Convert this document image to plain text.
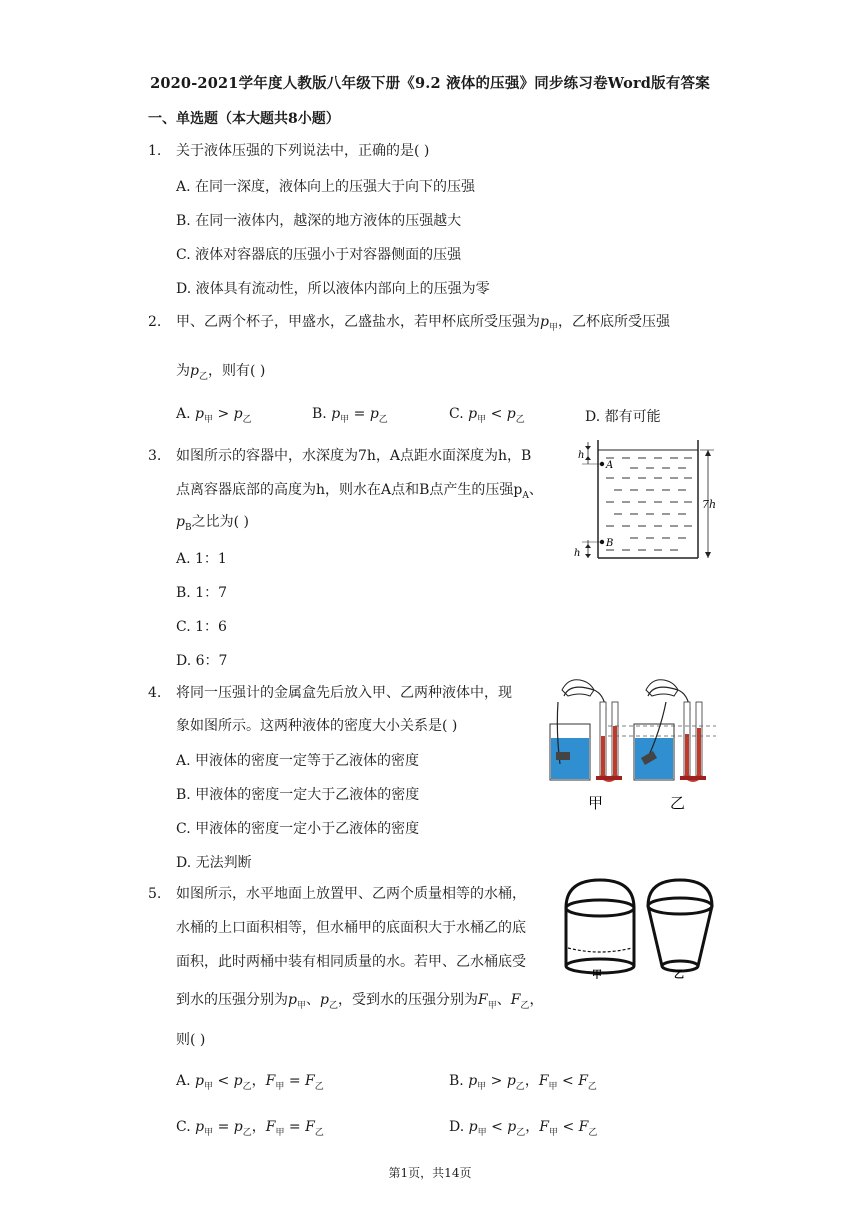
2020-2021学年度人教版八年级下册《9.2 液体的压强》同步练习卷Word版有答案
一、单选题（本大题共8小题）
1. 关于液体压强的下列说法中，正确的是( )
A. 在同一深度，液体向上的压强大于向下的压强
B. 在同一液体内，越深的地方液体的压强越大
C. 液体对容器底的压强小于对容器侧面的压强
D. 液体具有流动性，所以液体内部向上的压强为零
2. 甲、乙两个杯子，甲盛水，乙盛盐水，若甲杯底所受压强为$p_甲$，乙杯底所受压强
为$p_乙$，则有( )
A. $p_甲 > p_乙$	B. $p_甲 = p_乙$	C. $p_甲 < p_乙$	D. 都有可能
3. 如图所示的容器中，水深度为7h，A点距水面深度为h，B
点离容器底部的高度为h，则水在A点和B点产生的压强$p_A$、
$p_B$之比为( )
A. 1：1
B. 1：7
C. 1：6
D. 6：7
A
B
h
h
7h
4. 将同一压强计的金属盒先后放入甲、乙两种液体中，现
象如图所示。这两种液体的密度大小关系是( )
A. 甲液体的密度一定等于乙液体的密度
B. 甲液体的密度一定大于乙液体的密度
C. 甲液体的密度一定小于乙液体的密度
D. 无法判断
甲	乙
5. 如图所示，水平地面上放置甲、乙两个质量相等的水桶，
水桶的上口面积相等，但水桶甲的底面积大于水桶乙的底
面积，此时两桶中装有相同质量的水。若甲、乙水桶底受
到水的压强分别为$p_甲$、$p_乙$，受到水的压强分别为$F_甲$、$F_乙$，
则( )
A. $p_甲 < p_乙$，$F_甲 = F_乙$	B. $p_甲 > p_乙$，$F_甲 < F_乙$
C. $p_甲 = p_乙$，$F_甲 = F_乙$	D. $p_甲 < p_乙$，$F_甲 < F_乙$
甲	乙
第1页，共14页
